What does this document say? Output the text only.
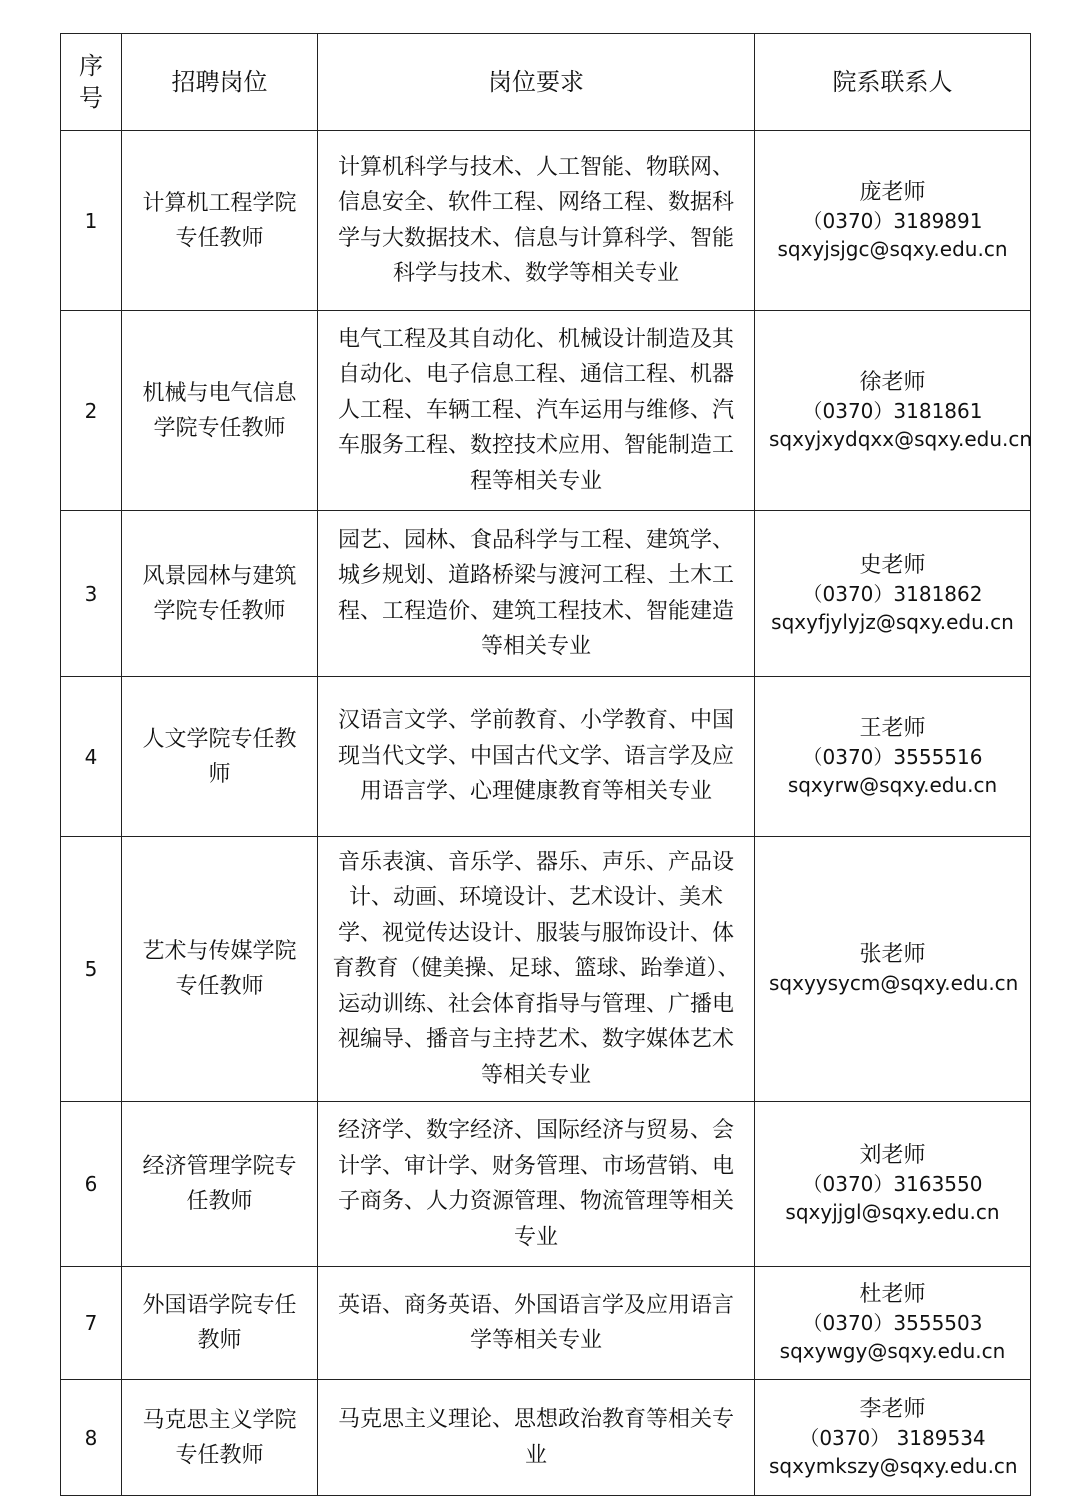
序号	招聘岗位	岗位要求	院系联系人
1	计算机工程学院专任教师	计算机科学与技术、人工智能、物联网、信息安全、软件工程、网络工程、数据科学与大数据技术、信息与计算科学、智能科学与技术、数学等相关专业	庞老师
（0370）3189891
sqxyjsjgc@sqxy.edu.cn

2	机械与电气信息学院专任教师	电气工程及其自动化、机械设计制造及其自动化、电子信息工程、通信工程、机器人工程、车辆工程、汽车运用与维修、汽车服务工程、数控技术应用、智能制造工程等相关专业	徐老师
（0370）3181861
sqxyjxydqxx@sqxy.edu.cn

3	风景园林与建筑学院专任教师	园艺、园林、食品科学与工程、建筑学、城乡规划、道路桥梁与渡河工程、土木工程、工程造价、建筑工程技术、智能建造等相关专业	史老师
（0370）3181862
sqxyfjylyjz@sqxy.edu.cn

4	人文学院专任教师	汉语言文学、学前教育、小学教育、中国现当代文学、中国古代文学、语言学及应用语言学、心理健康教育等相关专业	王老师
（0370）3555516
sqxyrw@sqxy.edu.cn

5	艺术与传媒学院专任教师	音乐表演、音乐学、器乐、声乐、产品设计、动画、环境设计、艺术设计、美术学、视觉传达设计、服装与服饰设计、体育教育（健美操、足球、篮球、跆拳道）、运动训练、社会体育指导与管理、广播电视编导、播音与主持艺术、数字媒体艺术等相关专业	张老师
sqxyysycm@sqxy.edu.cn

6	经济管理学院专任教师	经济学、数字经济、国际经济与贸易、会计学、审计学、财务管理、市场营销、电子商务、人力资源管理、物流管理等相关专业	刘老师
（0370）3163550
sqxyjjgl@sqxy.edu.cn

7	外国语学院专任教师	英语、商务英语、外国语言学及应用语言学等相关专业	杜老师
（0370）3555503
sqxywgy@sqxy.edu.cn

8	马克思主义学院专任教师	马克思主义理论、思想政治教育等相关专业	李老师
（0370） 3189534
sqxymkszy@sqxy.edu.cn
